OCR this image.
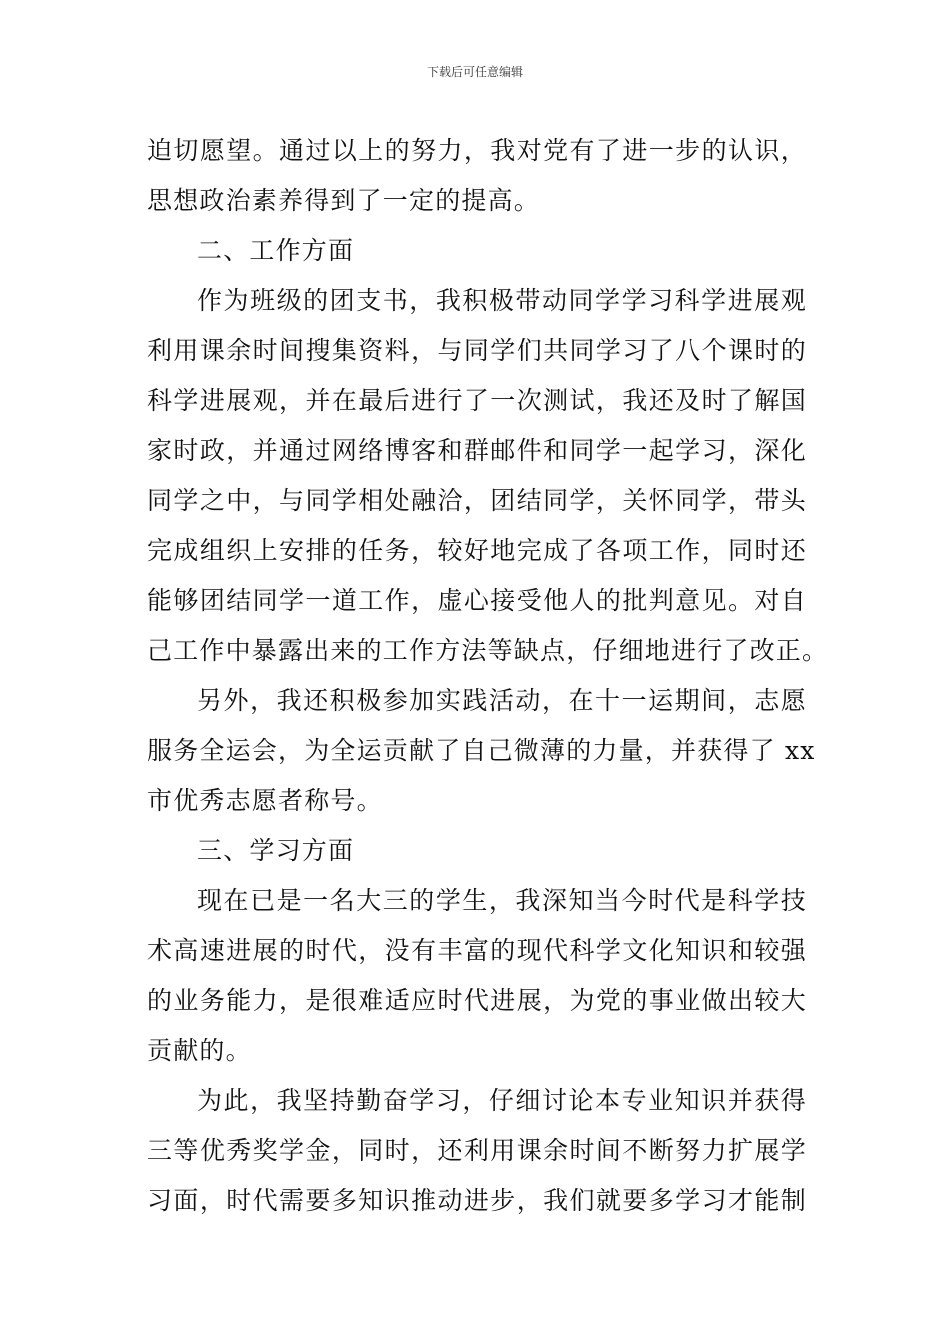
下载后可任意编辑
迫切愿望。通过以上的努力，我对党有了进一步的认识，
思想政治素养得到了一定的提高。
二、工作方面
作为班级的团支书，我积极带动同学学习科学进展观
利用课余时间搜集资料，与同学们共同学习了八个课时的
科学进展观，并在最后进行了一次测试，我还及时了解国
家时政，并通过网络博客和群邮件和同学一起学习，深化
同学之中，与同学相处融洽，团结同学，关怀同学，带头
完成组织上安排的任务，较好地完成了各项工作，同时还
能够团结同学一道工作，虚心接受他人的批判意见。对自
己工作中暴露出来的工作方法等缺点，仔细地进行了改正。
另外，我还积极参加实践活动，在十一运期间，志愿
服务全运会，为全运贡献了自己微薄的力量，并获得了 xx
市优秀志愿者称号。
三、学习方面
现在已是一名大三的学生，我深知当今时代是科学技
术高速进展的时代，没有丰富的现代科学文化知识和较强
的业务能力，是很难适应时代进展，为党的事业做出较大
贡献的。
为此，我坚持勤奋学习，仔细讨论本专业知识并获得
三等优秀奖学金，同时，还利用课余时间不断努力扩展学
习面，时代需要多知识推动进步，我们就要多学习才能制
